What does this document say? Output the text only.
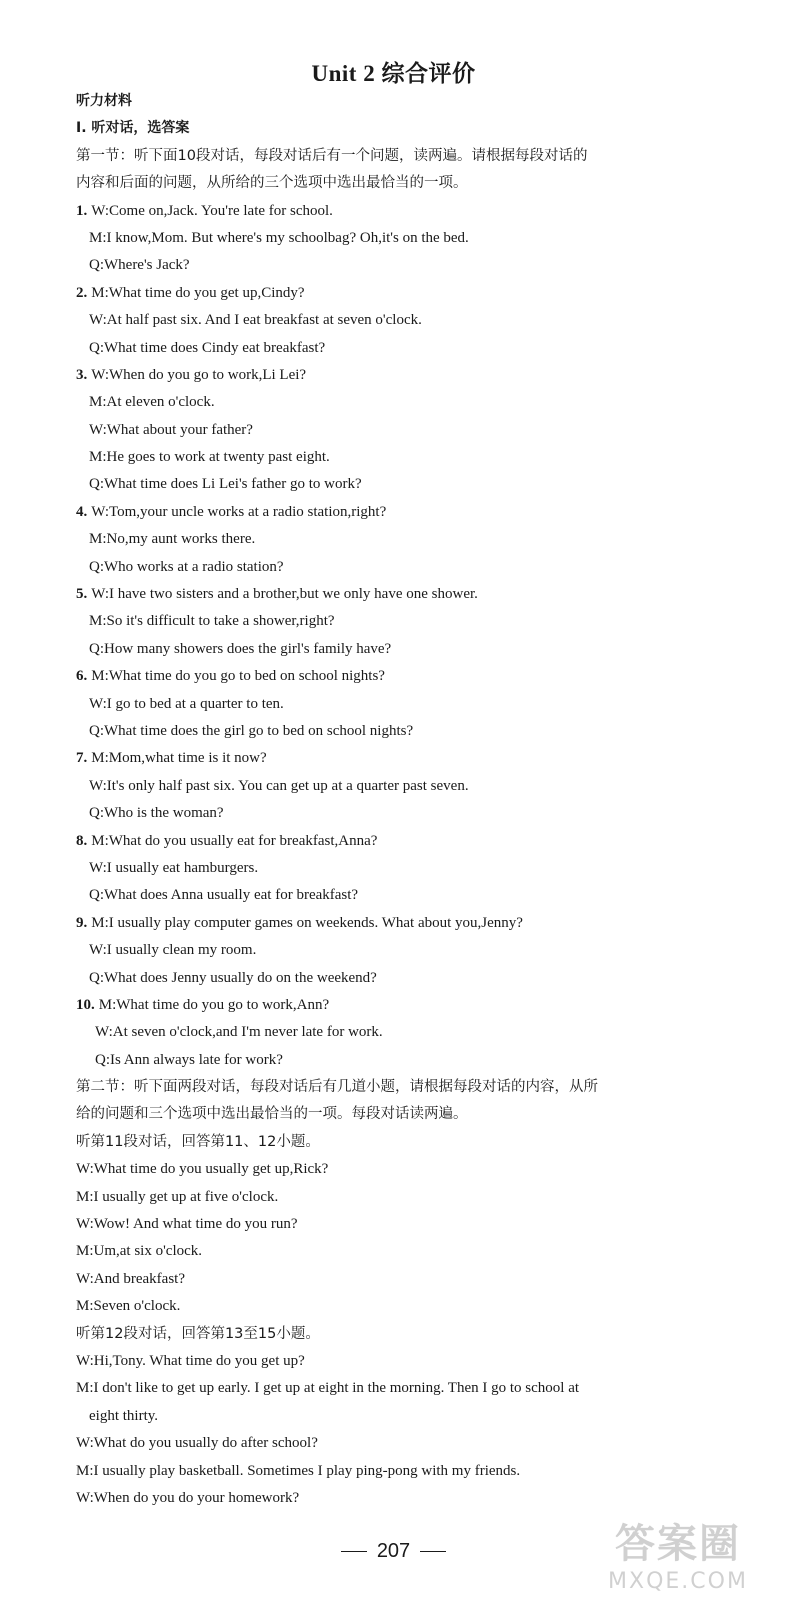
Unit 2 综合评价
听力材料
Ⅰ. 听对话，选答案
第一节：听下面10段对话，每段对话后有一个问题，读两遍。请根据每段对话的
内容和后面的问题，从所给的三个选项中选出最恰当的一项。
1. W:Come on,Jack. You're late for school.
M:I know,Mom. But where's my schoolbag? Oh,it's on the bed.
Q:Where's Jack?
2. M:What time do you get up,Cindy?
W:At half past six. And I eat breakfast at seven o'clock.
Q:What time does Cindy eat breakfast?
3. W:When do you go to work,Li Lei?
M:At eleven o'clock.
W:What about your father?
M:He goes to work at twenty past eight.
Q:What time does Li Lei's father go to work?
4. W:Tom,your uncle works at a radio station,right?
M:No,my aunt works there.
Q:Who works at a radio station?
5. W:I have two sisters and a brother,but we only have one shower.
M:So it's difficult to take a shower,right?
Q:How many showers does the girl's family have?
6. M:What time do you go to bed on school nights?
W:I go to bed at a quarter to ten.
Q:What time does the girl go to bed on school nights?
7. M:Mom,what time is it now?
W:It's only half past six. You can get up at a quarter past seven.
Q:Who is the woman?
8. M:What do you usually eat for breakfast,Anna?
W:I usually eat hamburgers.
Q:What does Anna usually eat for breakfast?
9. M:I usually play computer games on weekends. What about you,Jenny?
W:I usually clean my room.
Q:What does Jenny usually do on the weekend?
10. M:What time do you go to work,Ann?
W:At seven o'clock,and I'm never late for work.
Q:Is Ann always late for work?
第二节：听下面两段对话，每段对话后有几道小题，请根据每段对话的内容，从所
给的问题和三个选项中选出最恰当的一项。每段对话读两遍。
听第11段对话，回答第11、12小题。
W:What time do you usually get up,Rick?
M:I usually get up at five o'clock.
W:Wow! And what time do you run?
M:Um,at six o'clock.
W:And breakfast?
M:Seven o'clock.
听第12段对话，回答第13至15小题。
W:Hi,Tony. What time do you get up?
M:I don't like to get up early. I get up at eight in the morning. Then I go to school at
eight thirty.
W:What do you usually do after school?
M:I usually play basketball. Sometimes I play ping-pong with my friends.
W:When do you do your homework?
207	答案圈
MXQE.COM
